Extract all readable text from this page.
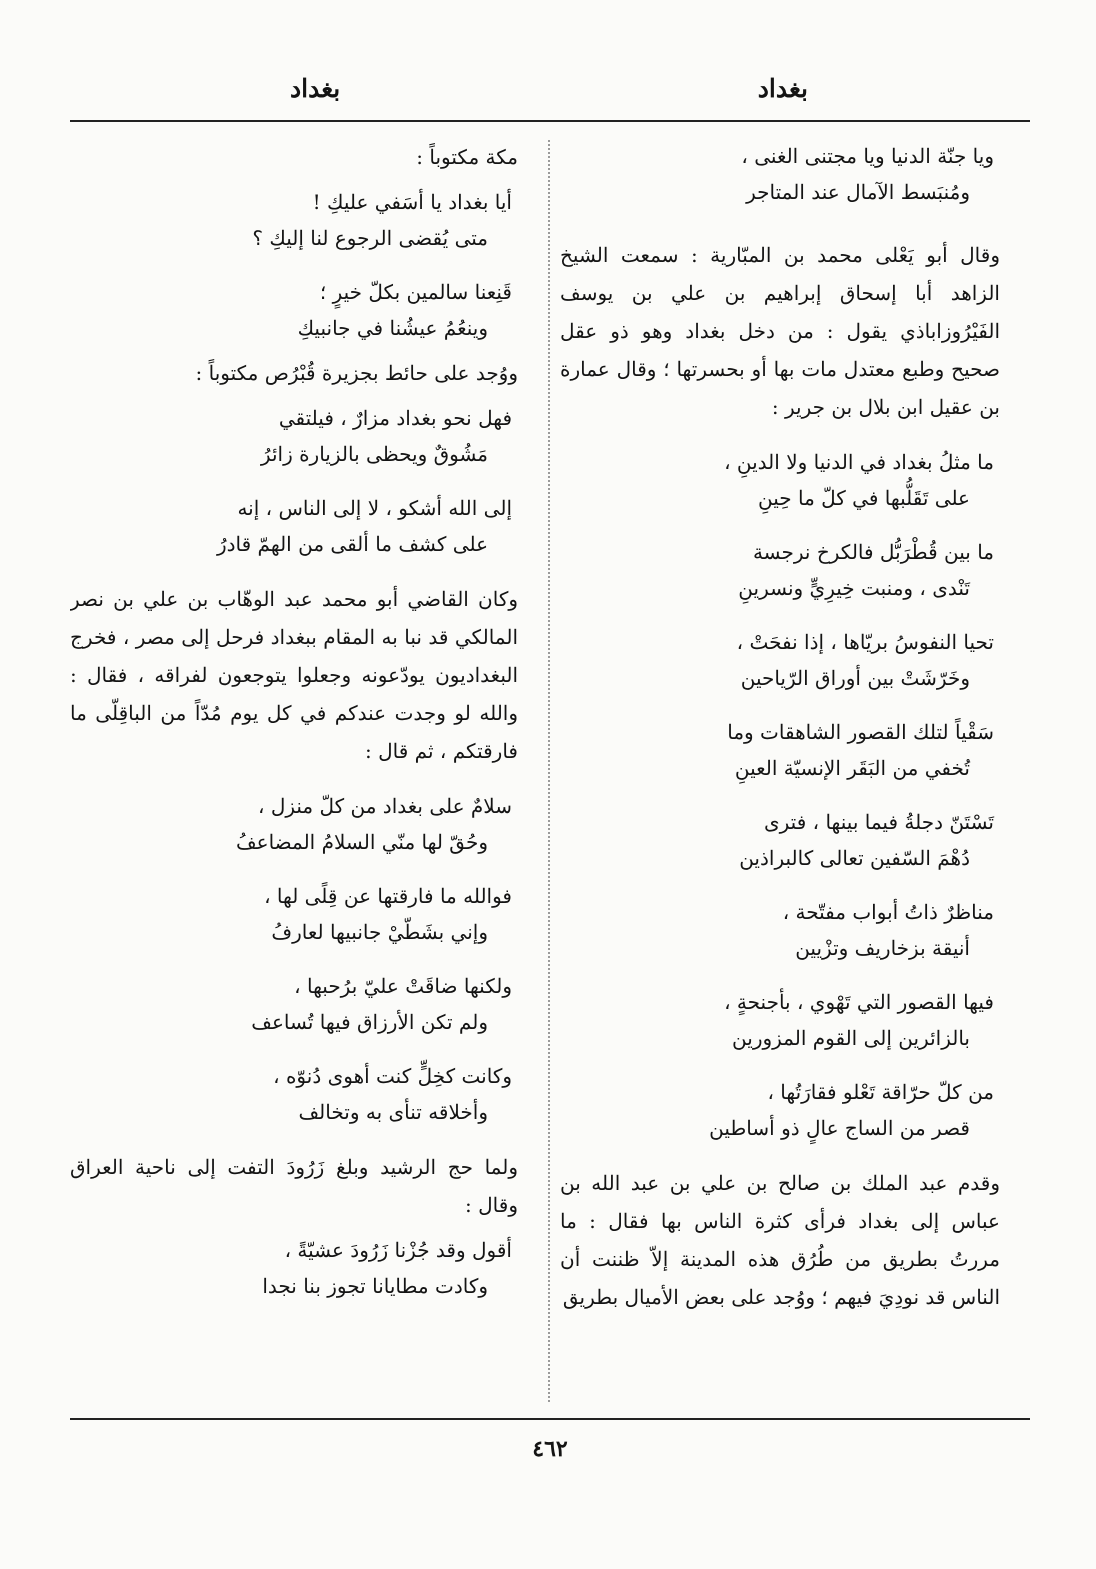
بغداد
بغداد
ويا جنّة الدنيا ويا مجتنى الغنى ،
ومُنبَسط الآمال عند المتاجر

وقال أبو يَعْلى محمد بن المبّارية : سمعت الشيخ الزاهد أبا إسحاق إبراهيم بن علي بن يوسف الفَيْرُوزاباذي يقول : من دخل بغداد وهو ذو عقل صحيح وطبع معتدل مات بها أو بحسرتها ؛ وقال عمارة بن عقيل ابن بلال بن جرير :

ما مثلُ بغداد في الدنيا ولا الدينِ ،
على تَقَلُّبها في كلّ ما حِينِ
ما بين قُطْرَبُّل فالكرخ نرجسة
تَنْدى ، ومنبت خِيرِيٍّ ونسرينِ
تحيا النفوسُ بريّاها ، إذا نفحَتْ ،
وخَرّشَتْ بين أوراق الرّياحين
سَقْياً لتلك القصور الشاهقات وما
تُخفي من البَقَر الإنسيّة العينِ
تَسْتَنّ دجلةُ فيما بينها ، فترى
دُهْمَ السّفين تعالى كالبراذين
مناظرٌ ذاتُ أبواب مفتّحة ،
أنيقة بزخاريف وتزْيين
فيها القصور التي تَهْوي ، بأجنحةٍ ،
بالزائرين إلى القوم المزورين
من كلّ حرّاقة تَعْلو فقارَتُها ،
قصر من الساج عالٍ ذو أساطين

وقدم عبد الملك بن صالح بن علي بن عبد الله بن عباس إلى بغداد فرأى كثرة الناس بها فقال : ما مررتُ بطريق من طُرُق هذه المدينة إلاّ ظننت أن الناس قد نودِيَ فيهم ؛ ووُجد على بعض الأميال بطريق

مكة مكتوباً :

أيا بغداد يا أسَفي عليكِ !
متى يُقضى الرجوع لنا إليكِ ؟
قَنِعنا سالمين بكلّ خيرٍ ؛
وينعُمُ عيشُنا في جانبيكِ

ووُجد على حائط بجزيرة قُبْرُص مكتوباً :

فهل نحو بغداد مزارٌ ، فيلتقي
مَشُوقٌ ويحظى بالزيارة زائرُ
إلى الله أشكو ، لا إلى الناس ، إنه
على كشف ما ألقى من الهمّ قادرُ

وكان القاضي أبو محمد عبد الوهّاب بن علي بن نصر المالكي قد نبا به المقام ببغداد فرحل إلى مصر ، فخرج البغداديون يودّعونه وجعلوا يتوجعون لفراقه ، فقال : والله لو وجدت عندكم في كل يوم مُدّاً من الباقِلّى ما فارقتكم ، ثم قال :

سلامٌ على بغداد من كلّ منزل ،
وحُقّ لها منّي السلامُ المضاعفُ
فوالله ما فارقتها عن قِلًى لها ،
وإني بشَطّيْ جانبيها لعارفُ
ولكنها ضاقَتْ عليّ برُحبها ،
ولم تكن الأرزاق فيها تُساعف
وكانت كخِلٍّ كنت أهوى دُنوّه ،
وأخلاقه تنأى به وتخالف

ولما حج الرشيد وبلغ زَرُودَ التفت إلى ناحية العراق وقال :

أقول وقد جُزْنا زَرُودَ عشيّةً ،
وكادت مطايانا تجوز بنا نجدا
٤٦٢
